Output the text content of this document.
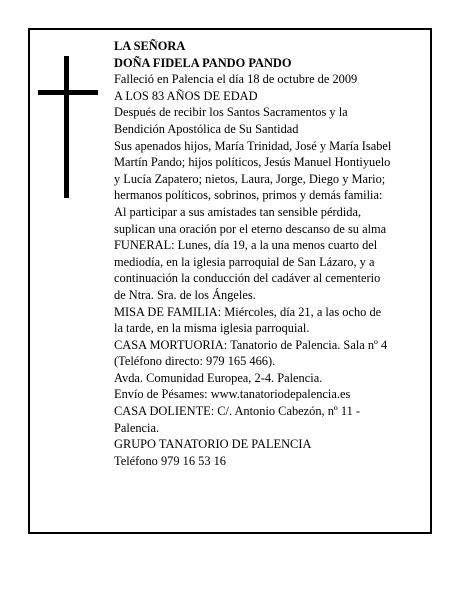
LA SEÑORA
DOÑA FIDELA PANDO PANDO
Falleció en Palencia el día 18 de octubre de 2009
A LOS 83 AÑOS DE EDAD
Después de recibir los Santos Sacramentos y la
Bendición Apostólica de Su Santidad
Sus apenados hijos, María Trinidad, José y María Isabel
Martín Pando; hijos políticos, Jesús Manuel Hontiyuelo
y Lucía Zapatero; nietos, Laura, Jorge, Diego y Mario;
hermanos políticos, sobrinos, primos y demás familia:
Al participar a sus amistades tan sensible pérdida,
suplican una oración por el eterno descanso de su alma
FUNERAL: Lunes, día 19, a la una menos cuarto del
mediodía, en la iglesia parroquial de San Lázaro, y a
continuación la conducción del cadáver al cementerio
de Ntra. Sra. de los Ángeles.
MISA DE FAMILIA: Miércoles, día 21, a las ocho de
la tarde, en la misma iglesia parroquial.
CASA MORTUORIA: Tanatorio de Palencia. Sala nº 4
(Teléfono directo: 979 165 466).
Avda. Comunidad Europea, 2-4. Palencia.
Envío de Pésames: www.tanatoriodepalencia.es
CASA DOLIENTE: C/. Antonio Cabezón, nº 11 -
Palencia.
GRUPO TANATORIO DE PALENCIA
Teléfono 979 16 53 16
